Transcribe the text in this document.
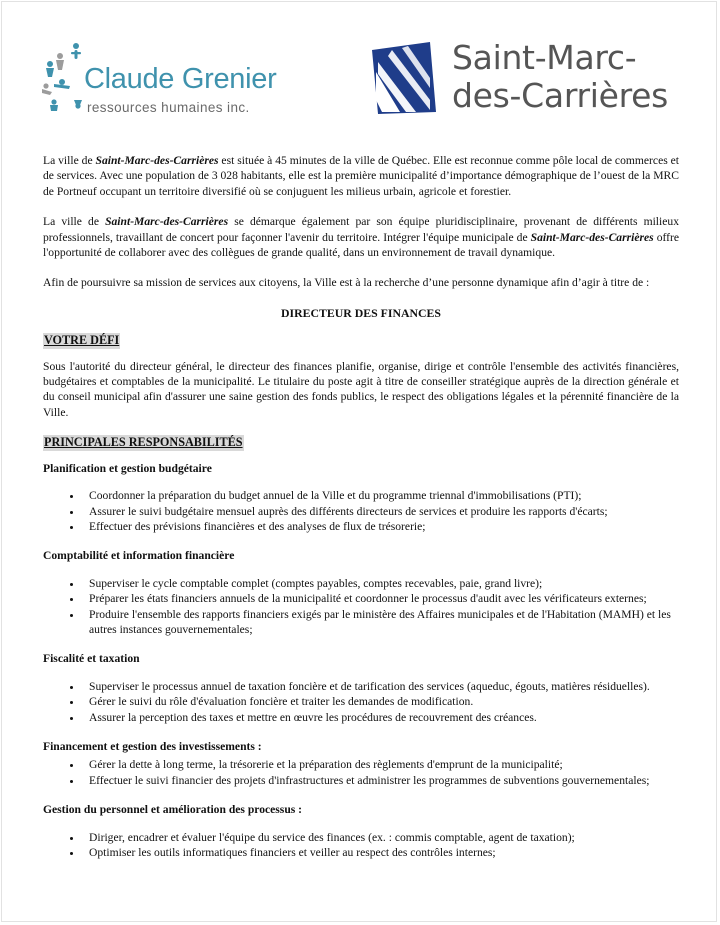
Claude Grenier
ressources humaines inc.
Saint-Marc-
des-Carrières

La ville de Saint-Marc-des-Carrières est située à 45 minutes de la ville de Québec. Elle est reconnue comme pôle local de commerces et de services. Avec une population de 3 028 habitants, elle est la première municipalité d’importance démographique de l’ouest de la MRC de Portneuf occupant un territoire diversifié où se conjuguent les milieus urbain, agricole et forestier.

La ville de Saint-Marc-des-Carrières se démarque également par son équipe pluridisciplinaire, provenant de différents milieux professionnels, travaillant de concert pour façonner l'avenir du territoire. Intégrer l'équipe municipale de Saint-Marc-des-Carrières offre l'opportunité de collaborer avec des collègues de grande qualité, dans un environnement de travail dynamique.

Afin de poursuivre sa mission de services aux citoyens, la Ville est à la recherche d’une personne dynamique afin d’agir à titre de :

DIRECTEUR DES FINANCES
VOTRE DÉFI

Sous l'autorité du directeur général, le directeur des finances planifie, organise, dirige et contrôle l'ensemble des activités financières, budgétaires et comptables de la municipalité. Le titulaire du poste agit à titre de conseiller stratégique auprès de la direction générale et du conseil municipal afin d'assurer une saine gestion des fonds publics, le respect des obligations légales et la pérennité financière de la Ville.

PRINCIPALES RESPONSABILITÉS
Planification et gestion budgétaire
• Coordonner la préparation du budget annuel de la Ville et du programme triennal d'immobilisations (PTI);
• Assurer le suivi budgétaire mensuel auprès des différents directeurs de services et produire les rapports d'écarts;
• Effectuer des prévisions financières et des analyses de flux de trésorerie;
Comptabilité et information financière
• Superviser le cycle comptable complet (comptes payables, comptes recevables, paie, grand livre);
• Préparer les états financiers annuels de la municipalité et coordonner le processus d'audit avec les vérificateurs externes;
• Produire l'ensemble des rapports financiers exigés par le ministère des Affaires municipales et de l'Habitation (MAMH) et les autres instances gouvernementales;
Fiscalité et taxation
• Superviser le processus annuel de taxation foncière et de tarification des services (aqueduc, égouts, matières résiduelles).
• Gérer le suivi du rôle d'évaluation foncière et traiter les demandes de modification.
• Assurer la perception des taxes et mettre en œuvre les procédures de recouvrement des créances.
Financement et gestion des investissements :
• Gérer la dette à long terme, la trésorerie et la préparation des règlements d'emprunt de la municipalité;
• Effectuer le suivi financier des projets d'infrastructures et administrer les programmes de subventions gouvernementales;
Gestion du personnel et amélioration des processus :
• Diriger, encadrer et évaluer l'équipe du service des finances (ex. : commis comptable, agent de taxation);
• Optimiser les outils informatiques financiers et veiller au respect des contrôles internes;
